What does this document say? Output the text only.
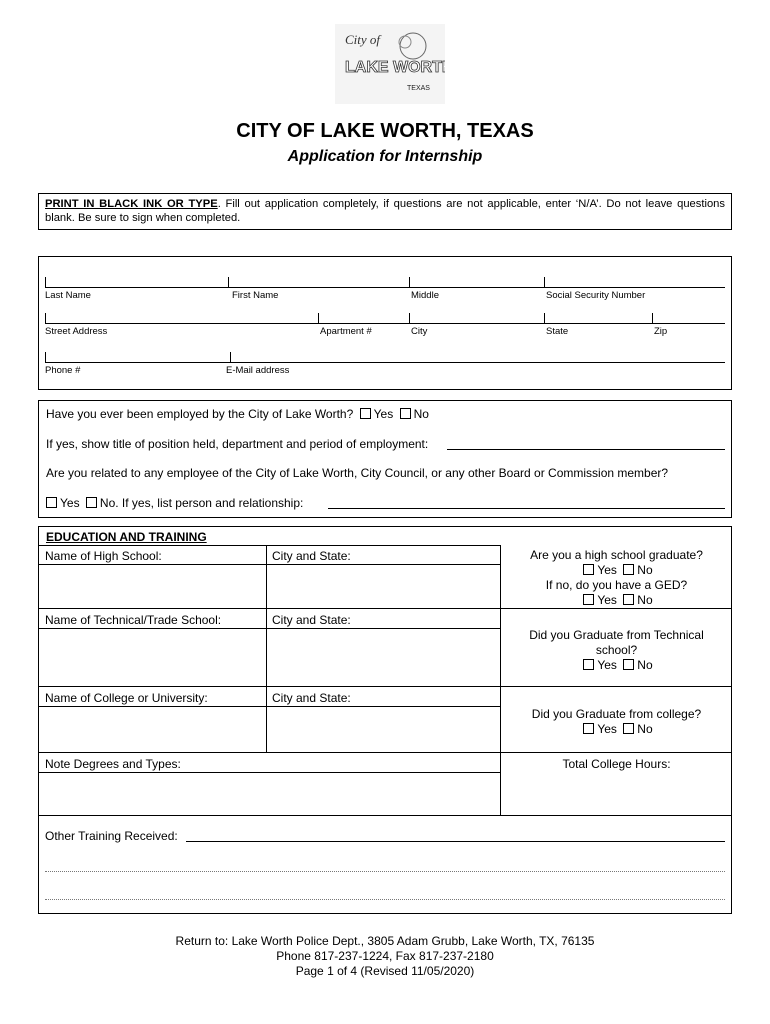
City of
LAKE WORTH
TEXAS
CITY OF LAKE WORTH, TEXAS
Application for Internship
PRINT IN BLACK INK OR TYPE. Fill out application completely, if questions are not applicable, enter ‘N/A’. Do not leave questions blank. Be sure to sign when completed.
Last Name	First Name	Middle	Social Security Number
Street Address	Apartment #	City	State	Zip
Phone #	E-Mail address
Have you ever been employed by the City of Lake Worth? Yes No
If yes, show title of position held, department and period of employment:
Are you related to any employee of the City of Lake Worth, City Council, or any other Board or Commission member?
Yes No. If yes, list person and relationship:
EDUCATION AND TRAINING
Name of High School:	City and State:	Are you a high school graduate?
Yes No
If no, do you have a GED?
Yes No
Name of Technical/Trade School:	City and State:
Did you Graduate from Technical school?
Yes No
Name of College or University:	City and State:
Did you Graduate from college?
Yes No
Note Degrees and Types:	Total College Hours:
Other Training Received:
Return to: Lake Worth Police Dept., 3805 Adam Grubb, Lake Worth, TX, 76135
Phone 817-237-1224, Fax 817-237-2180
Page 1 of 4 (Revised 11/05/2020)
